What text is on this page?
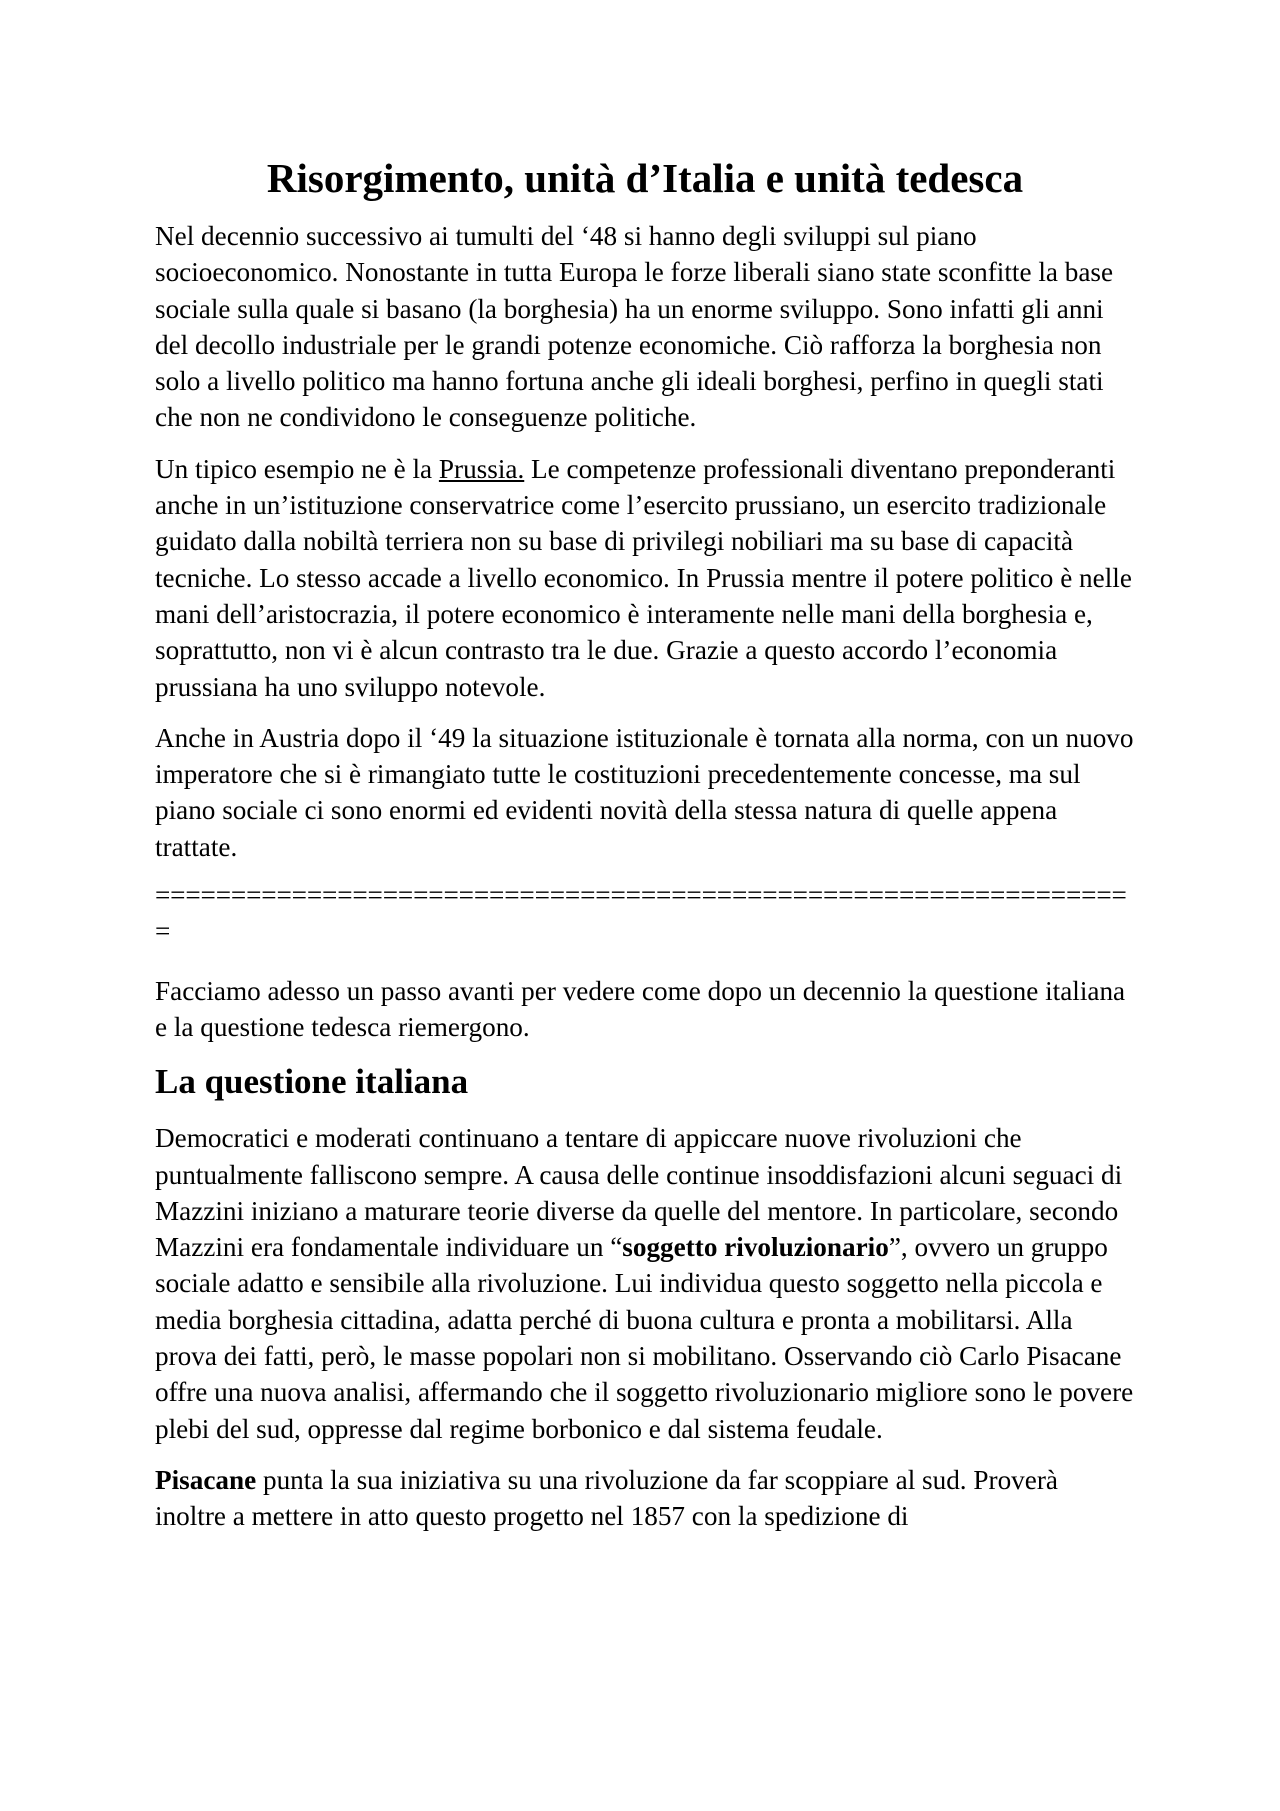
Risorgimento, unità d’Italia e unità tedesca

Nel decennio successivo ai tumulti del ‘48 si hanno degli sviluppi sul piano socioeconomico. Nonostante in tutta Europa le forze liberali siano state sconfitte la base sociale sulla quale si basano (la borghesia) ha un enorme sviluppo. Sono infatti gli anni del decollo industriale per le grandi potenze economiche. Ciò rafforza la borghesia non solo a livello politico ma hanno fortuna anche gli ideali borghesi, perfino in quegli stati che non ne condividono le conseguenze politiche.

Un tipico esempio ne è la Prussia. Le competenze professionali diventano preponderanti anche in un’istituzione conservatrice come l’esercito prussiano, un esercito tradizionale guidato dalla nobiltà terriera non su base di privilegi nobiliari ma su base di capacità tecniche. Lo stesso accade a livello economico. In Prussia mentre il potere politico è nelle mani dell’aristocrazia, il potere economico è interamente nelle mani della borghesia e, soprattutto, non vi è alcun contrasto tra le due. Grazie a questo accordo l’economia prussiana ha uno sviluppo notevole.

Anche in Austria dopo il ‘49 la situazione istituzionale è tornata alla norma, con un nuovo imperatore che si è rimangiato tutte le costituzioni precedentemente concesse, ma sul piano sociale ci sono enormi ed evidenti novità della stessa natura di quelle appena trattate.

=================================================================

Facciamo adesso un passo avanti per vedere come dopo un decennio la questione italiana e la questione tedesca riemergono.

La questione italiana

Democratici e moderati continuano a tentare di appiccare nuove rivoluzioni che puntualmente falliscono sempre. A causa delle continue insoddisfazioni alcuni seguaci di Mazzini iniziano a maturare teorie diverse da quelle del mentore. In particolare, secondo Mazzini era fondamentale individuare un “soggetto rivoluzionario”, ovvero un gruppo sociale adatto e sensibile alla rivoluzione. Lui individua questo soggetto nella piccola e media borghesia cittadina, adatta perché di buona cultura e pronta a mobilitarsi. Alla prova dei fatti, però, le masse popolari non si mobilitano. Osservando ciò Carlo Pisacane offre una nuova analisi, affermando che il soggetto rivoluzionario migliore sono le povere plebi del sud, oppresse dal regime borbonico e dal sistema feudale.

Pisacane punta la sua iniziativa su una rivoluzione da far scoppiare al sud. Proverà inoltre a mettere in atto questo progetto nel 1857 con la spedizione di
